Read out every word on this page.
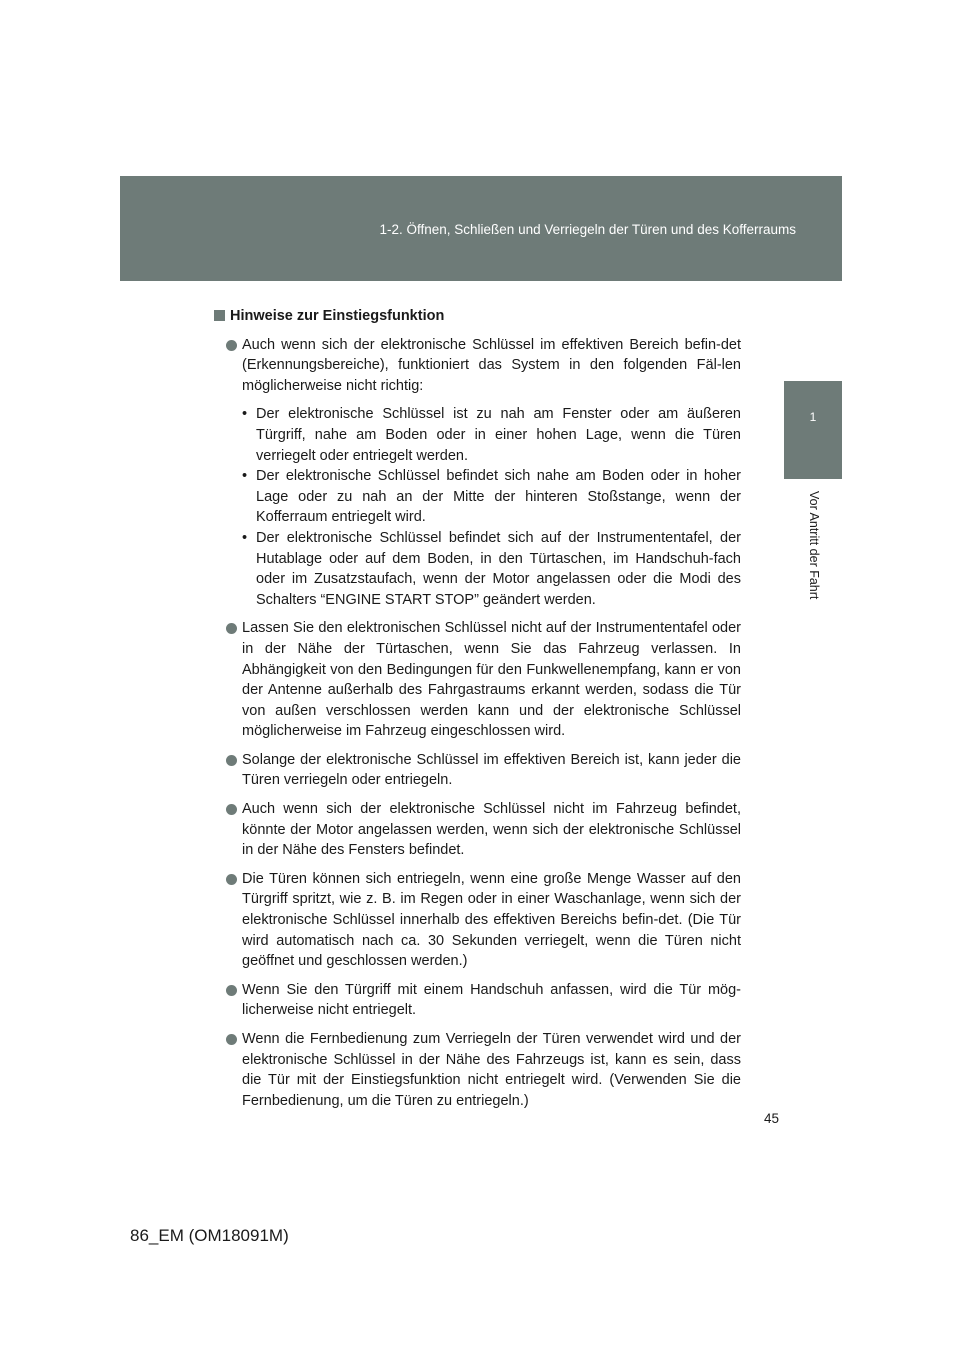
1-2. Öffnen, Schließen und Verriegeln der Türen und des Kofferraums
1
Vor Antritt der Fahrt
Hinweise zur Einstiegsfunktion
Auch wenn sich der elektronische Schlüssel im effektiven Bereich befin-det (Erkennungsbereiche), funktioniert das System in den folgenden Fäl-len möglicherweise nicht richtig:
• Der elektronische Schlüssel ist zu nah am Fenster oder am äußeren Türgriff, nahe am Boden oder in einer hohen Lage, wenn die Türen verriegelt oder entriegelt werden.
• Der elektronische Schlüssel befindet sich nahe am Boden oder in hoher Lage oder zu nah an der Mitte der hinteren Stoßstange, wenn der Kofferraum entriegelt wird.
• Der elektronische Schlüssel befindet sich auf der Instrumententafel, der Hutablage oder auf dem Boden, in den Türtaschen, im Handschuh-fach oder im Zusatzstaufach, wenn der Motor angelassen oder die Modi des Schalters “ENGINE START STOP” geändert werden.
Lassen Sie den elektronischen Schlüssel nicht auf der Instrumententafel oder in der Nähe der Türtaschen, wenn Sie das Fahrzeug verlassen. In Abhängigkeit von den Bedingungen für den Funkwellenempfang, kann er von der Antenne außerhalb des Fahrgastraums erkannt werden, sodass die Tür von außen verschlossen werden kann und der elektronische Schlüssel möglicherweise im Fahrzeug eingeschlossen wird.
Solange der elektronische Schlüssel im effektiven Bereich ist, kann jeder die Türen verriegeln oder entriegeln.
Auch wenn sich der elektronische Schlüssel nicht im Fahrzeug befindet, könnte der Motor angelassen werden, wenn sich der elektronische Schlüssel in der Nähe des Fensters befindet.
Die Türen können sich entriegeln, wenn eine große Menge Wasser auf den Türgriff spritzt, wie z. B. im Regen oder in einer Waschanlage, wenn sich der elektronische Schlüssel innerhalb des effektiven Bereichs befin-det. (Die Tür wird automatisch nach ca. 30 Sekunden verriegelt, wenn die Türen nicht geöffnet und geschlossen werden.)
Wenn Sie den Türgriff mit einem Handschuh anfassen, wird die Tür mög-licherweise nicht entriegelt.
Wenn die Fernbedienung zum Verriegeln der Türen verwendet wird und der elektronische Schlüssel in der Nähe des Fahrzeugs ist, kann es sein, dass die Tür mit der Einstiegsfunktion nicht entriegelt wird. (Verwenden Sie die Fernbedienung, um die Türen zu entriegeln.)
45
86_EM (OM18091M)
